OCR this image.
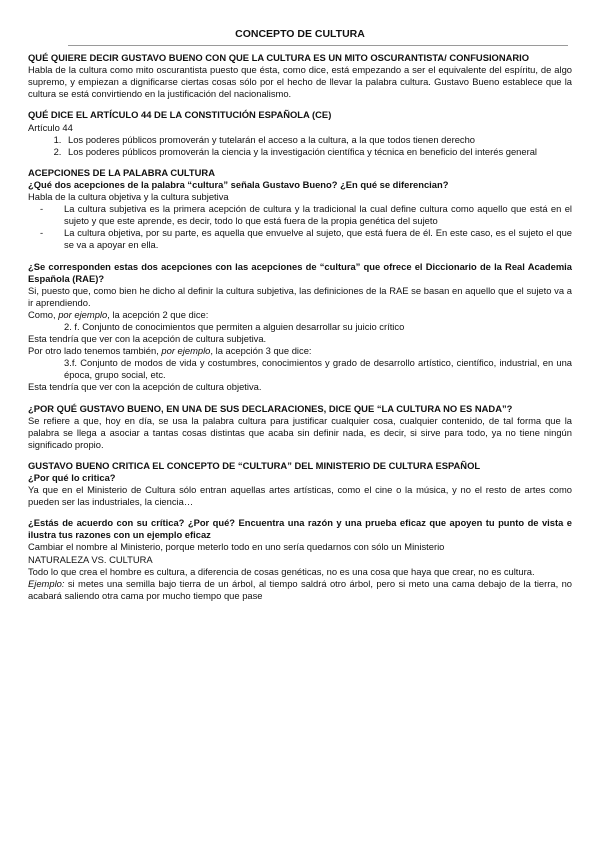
CONCEPTO DE CULTURA
QUÉ QUIERE DECIR GUSTAVO BUENO CON QUE LA CULTURA ES UN MITO OSCURANTISTA/ CONFUSIONARIO
Habla de la cultura como mito oscurantista puesto que ésta, como dice, está empezando a ser el equivalente del espíritu, de algo supremo, y empiezan a dignificarse ciertas cosas sólo por el hecho de llevar la palabra cultura. Gustavo Bueno establece que la cultura se está convirtiendo en la justificación del nacionalismo.
QUÉ DICE EL ARTÍCULO 44 DE LA CONSTITUCIÓN ESPAÑOLA (CE)
Artículo 44
1. Los poderes públicos promoverán y tutelarán el acceso a la cultura, a la que todos tienen derecho
2. Los poderes públicos promoverán la ciencia y la investigación científica y técnica en beneficio del interés general
ACEPCIONES DE LA PALABRA CULTURA
¿Qué dos acepciones de la palabra “cultura” señala Gustavo Bueno? ¿En qué se diferencian?
Habla de la cultura objetiva y la cultura subjetiva
- La cultura subjetiva es la primera acepción de cultura y la tradicional la cual define cultura como aquello que está en el sujeto y que este aprende, es decir, todo lo que está fuera de la propia genética del sujeto
- La cultura objetiva, por su parte, es aquella que envuelve al sujeto, que está fuera de él. En este caso, es el sujeto el que se va a apoyar en ella.
¿Se corresponden estas dos acepciones con las acepciones de “cultura” que ofrece el Diccionario de la Real Academia Española (RAE)?
Si, puesto que, como bien he dicho al definir la cultura subjetiva, las definiciones de la RAE se basan en aquello que el sujeto va a ir aprendiendo.
Como, por ejemplo, la acepción 2 que dice:
2. f. Conjunto de conocimientos que permiten a alguien desarrollar su juicio crítico
Esta tendría que ver con la acepción de cultura subjetiva.
Por otro lado tenemos también, por ejemplo, la acepción 3 que dice:
3.f. Conjunto de modos de vida y costumbres, conocimientos y grado de desarrollo artístico, científico, industrial, en una época, grupo social, etc.
Esta tendría que ver con la acepción de cultura objetiva.
¿POR QUÉ GUSTAVO BUENO, EN UNA DE SUS DECLARACIONES, DICE QUE “LA CULTURA NO ES NADA”?
Se refiere a que, hoy en día, se usa la palabra cultura para justificar cualquier cosa, cualquier contenido, de tal forma que la palabra se llega a asociar a tantas cosas distintas que acaba sin definir nada, es decir, si sirve para todo, ya no tiene ningún significado propio.
GUSTAVO BUENO CRITICA EL CONCEPTO DE “CULTURA” DEL MINISTERIO DE CULTURA ESPAÑOL
¿Por qué lo critica?
Ya que en el Ministerio de Cultura sólo entran aquellas artes artísticas, como el cine o la música, y no el resto de artes como pueden ser las industriales, la ciencia…
¿Estás de acuerdo con su crítica? ¿Por qué? Encuentra una razón y una prueba eficaz que apoyen tu punto de vista e ilustra tus razones con un ejemplo eficaz
Cambiar el nombre al Ministerio, porque meterlo todo en uno sería quedarnos con sólo un Ministerio
NATURALEZA VS. CULTURA
Todo lo que crea el hombre es cultura, a diferencia de cosas genéticas, no es una cosa que haya que crear, no es cultura.
Ejemplo: si metes una semilla bajo tierra de un árbol, al tiempo saldrá otro árbol, pero si meto una cama debajo de la tierra, no acabará saliendo otra cama por mucho tiempo que pase
